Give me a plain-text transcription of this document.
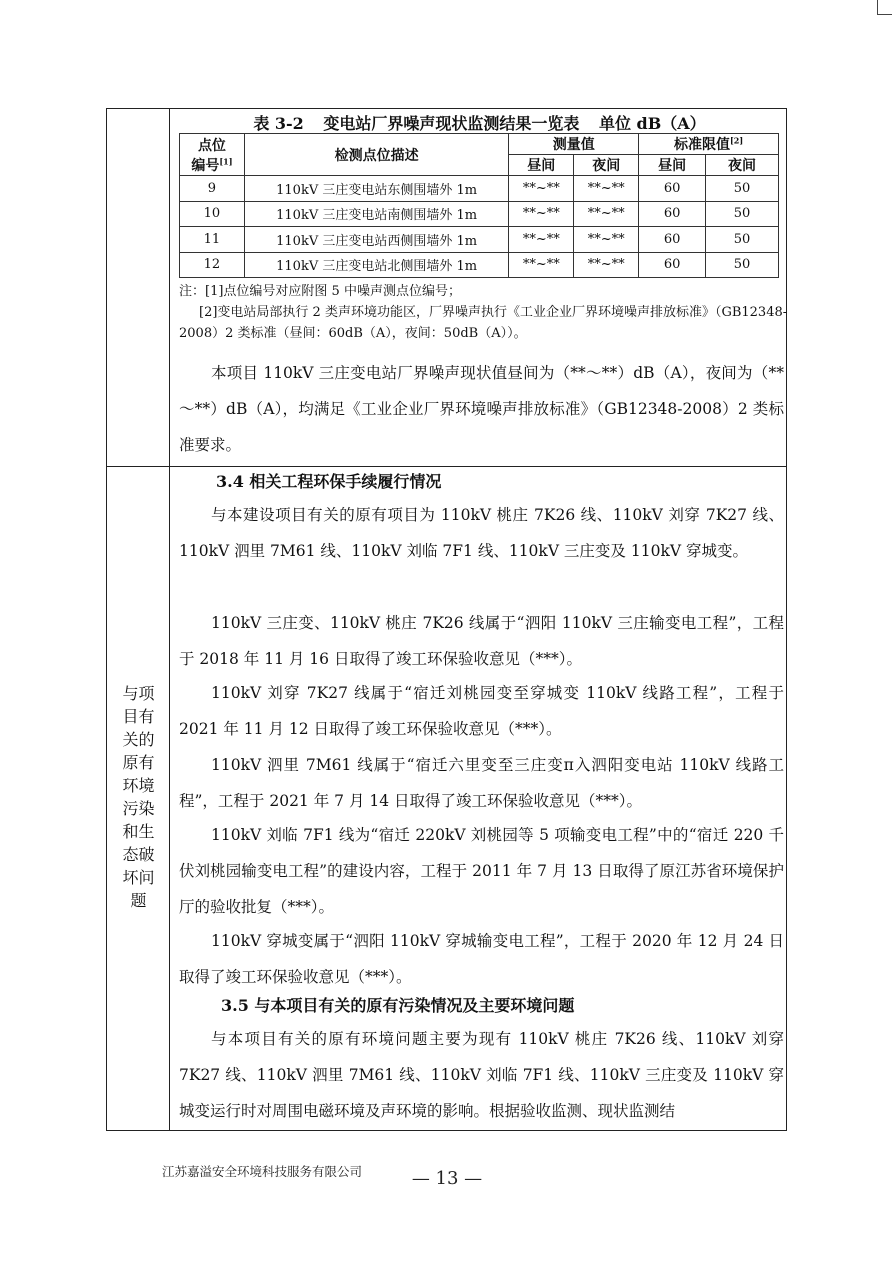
与项
目有
关的
原有
环境
污染
和生
态破
坏问
题
表 3-2 变电站厂界噪声现状监测结果一览表 单位 dB（A）
点位
编号[1]	检测点位描述	测量值		标准限值[2]
		昼间	夜间	昼间	夜间
9	110kV 三庄变电站东侧围墙外 1m	**~**	**~**	60	50
10	110kV 三庄变电站南侧围墙外 1m	**~**	**~**	60	50
11	110kV 三庄变电站西侧围墙外 1m	**~**	**~**	60	50
12	110kV 三庄变电站北侧围墙外 1m	**~**	**~**	60	50

注：[1]点位编号对应附图 5 中噪声测点位编号；

[2]变电站局部执行 2 类声环境功能区，厂界噪声执行《工业企业厂界环境噪声排放标准》（GB12348-2008）2 类标准（昼间：60dB（A），夜间：50dB（A））。

本项目 110kV 三庄变电站厂界噪声现状值昼间为（**～**）dB（A），夜间为（**～**）dB（A），均满足《工业企业厂界环境噪声排放标准》（GB12348-2008）2 类标准要求。

3.4 相关工程环保手续履行情况

与本建设项目有关的原有项目为 110kV 桃庄 7K26 线、110kV 刘穿 7K27 线、110kV 泗里 7M61 线、110kV 刘临 7F1 线、110kV 三庄变及 110kV 穿城变。

110kV 三庄变、110kV 桃庄 7K26 线属于“泗阳 110kV 三庄输变电工程”，工程于 2018 年 11 月 16 日取得了竣工环保验收意见（***）。

110kV 刘穿 7K27 线属于“宿迁刘桃园变至穿城变 110kV 线路工程”，工程于 2021 年 11 月 12 日取得了竣工环保验收意见（***）。

110kV 泗里 7M61 线属于“宿迁六里变至三庄变π入泗阳变电站 110kV 线路工程”，工程于 2021 年 7 月 14 日取得了竣工环保验收意见（***）。

110kV 刘临 7F1 线为“宿迁 220kV 刘桃园等 5 项输变电工程”中的“宿迁 220 千伏刘桃园输变电工程”的建设内容，工程于 2011 年 7 月 13 日取得了原江苏省环境保护厅的验收批复（***）。

110kV 穿城变属于“泗阳 110kV 穿城输变电工程”，工程于 2020 年 12 月 24 日取得了竣工环保验收意见（***）。

3.5 与本项目有关的原有污染情况及主要环境问题

与本项目有关的原有环境问题主要为现有 110kV 桃庄 7K26 线、110kV 刘穿 7K27 线、110kV 泗里 7M61 线、110kV 刘临 7F1 线、110kV 三庄变及 110kV 穿城变运行时对周围电磁环境及声环境的影响。根据验收监测、现状监测结

江苏嘉溢安全环境科技服务有限公司	— 13 —
